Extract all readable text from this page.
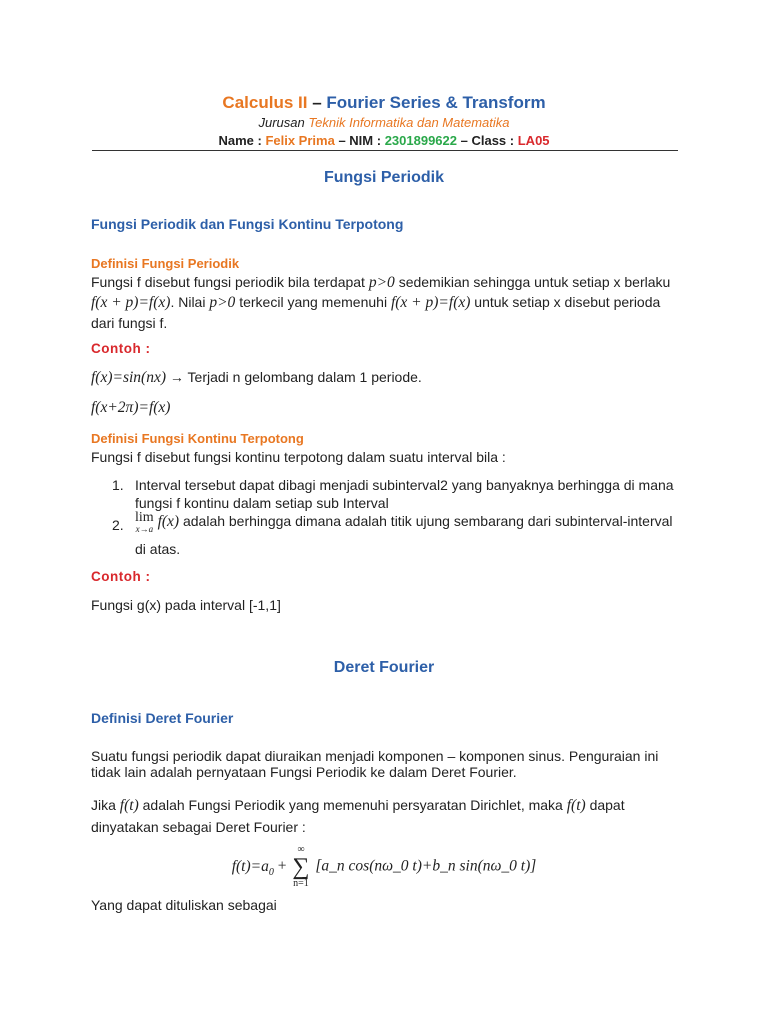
Calculus II – Fourier Series & Transform
Jurusan Teknik Informatika dan Matematika
Name : Felix Prima – NIM : 2301899622 – Class : LA05
Fungsi Periodik
Fungsi Periodik dan Fungsi Kontinu Terpotong
Definisi Fungsi Periodik
Fungsi f disebut fungsi periodik bila terdapat p>0 sedemikian sehingga untuk setiap x berlaku
f(x + p)=f(x). Nilai p>0 terkecil yang memenuhi f(x + p)=f(x) untuk setiap x disebut perioda
dari fungsi f.
Contoh :
f(x)=sin(nx) → Terjadi n gelombang dalam 1 periode.
f(x+2π)=f(x)
Definisi Fungsi Kontinu Terpotong
Fungsi f disebut fungsi kontinu terpotong dalam suatu interval bila :
1. Interval tersebut dapat dibagi menjadi subinterval2 yang banyaknya berhingga di mana
fungsi f kontinu dalam setiap sub Interval
2. lim
x→a f(x) adalah berhingga dimana adalah titik ujung sembarang dari subinterval-interval
di atas.
Contoh :
Fungsi g(x) pada interval [-1,1]
Deret Fourier
Definisi Deret Fourier
Suatu fungsi periodik dapat diuraikan menjadi komponen – komponen sinus. Penguraian ini
tidak lain adalah pernyataan Fungsi Periodik ke dalam Deret Fourier.
Jika f(t) adalah Fungsi Periodik yang memenuhi persyaratan Dirichlet, maka f(t) dapat
dinyatakan sebagai Deret Fourier :
$f(t)=a_0$ +
∞
∑
n=1
[a_n cos(nω_0 t)+b_n sin(nω_0 t)]
Yang dapat dituliskan sebagai
